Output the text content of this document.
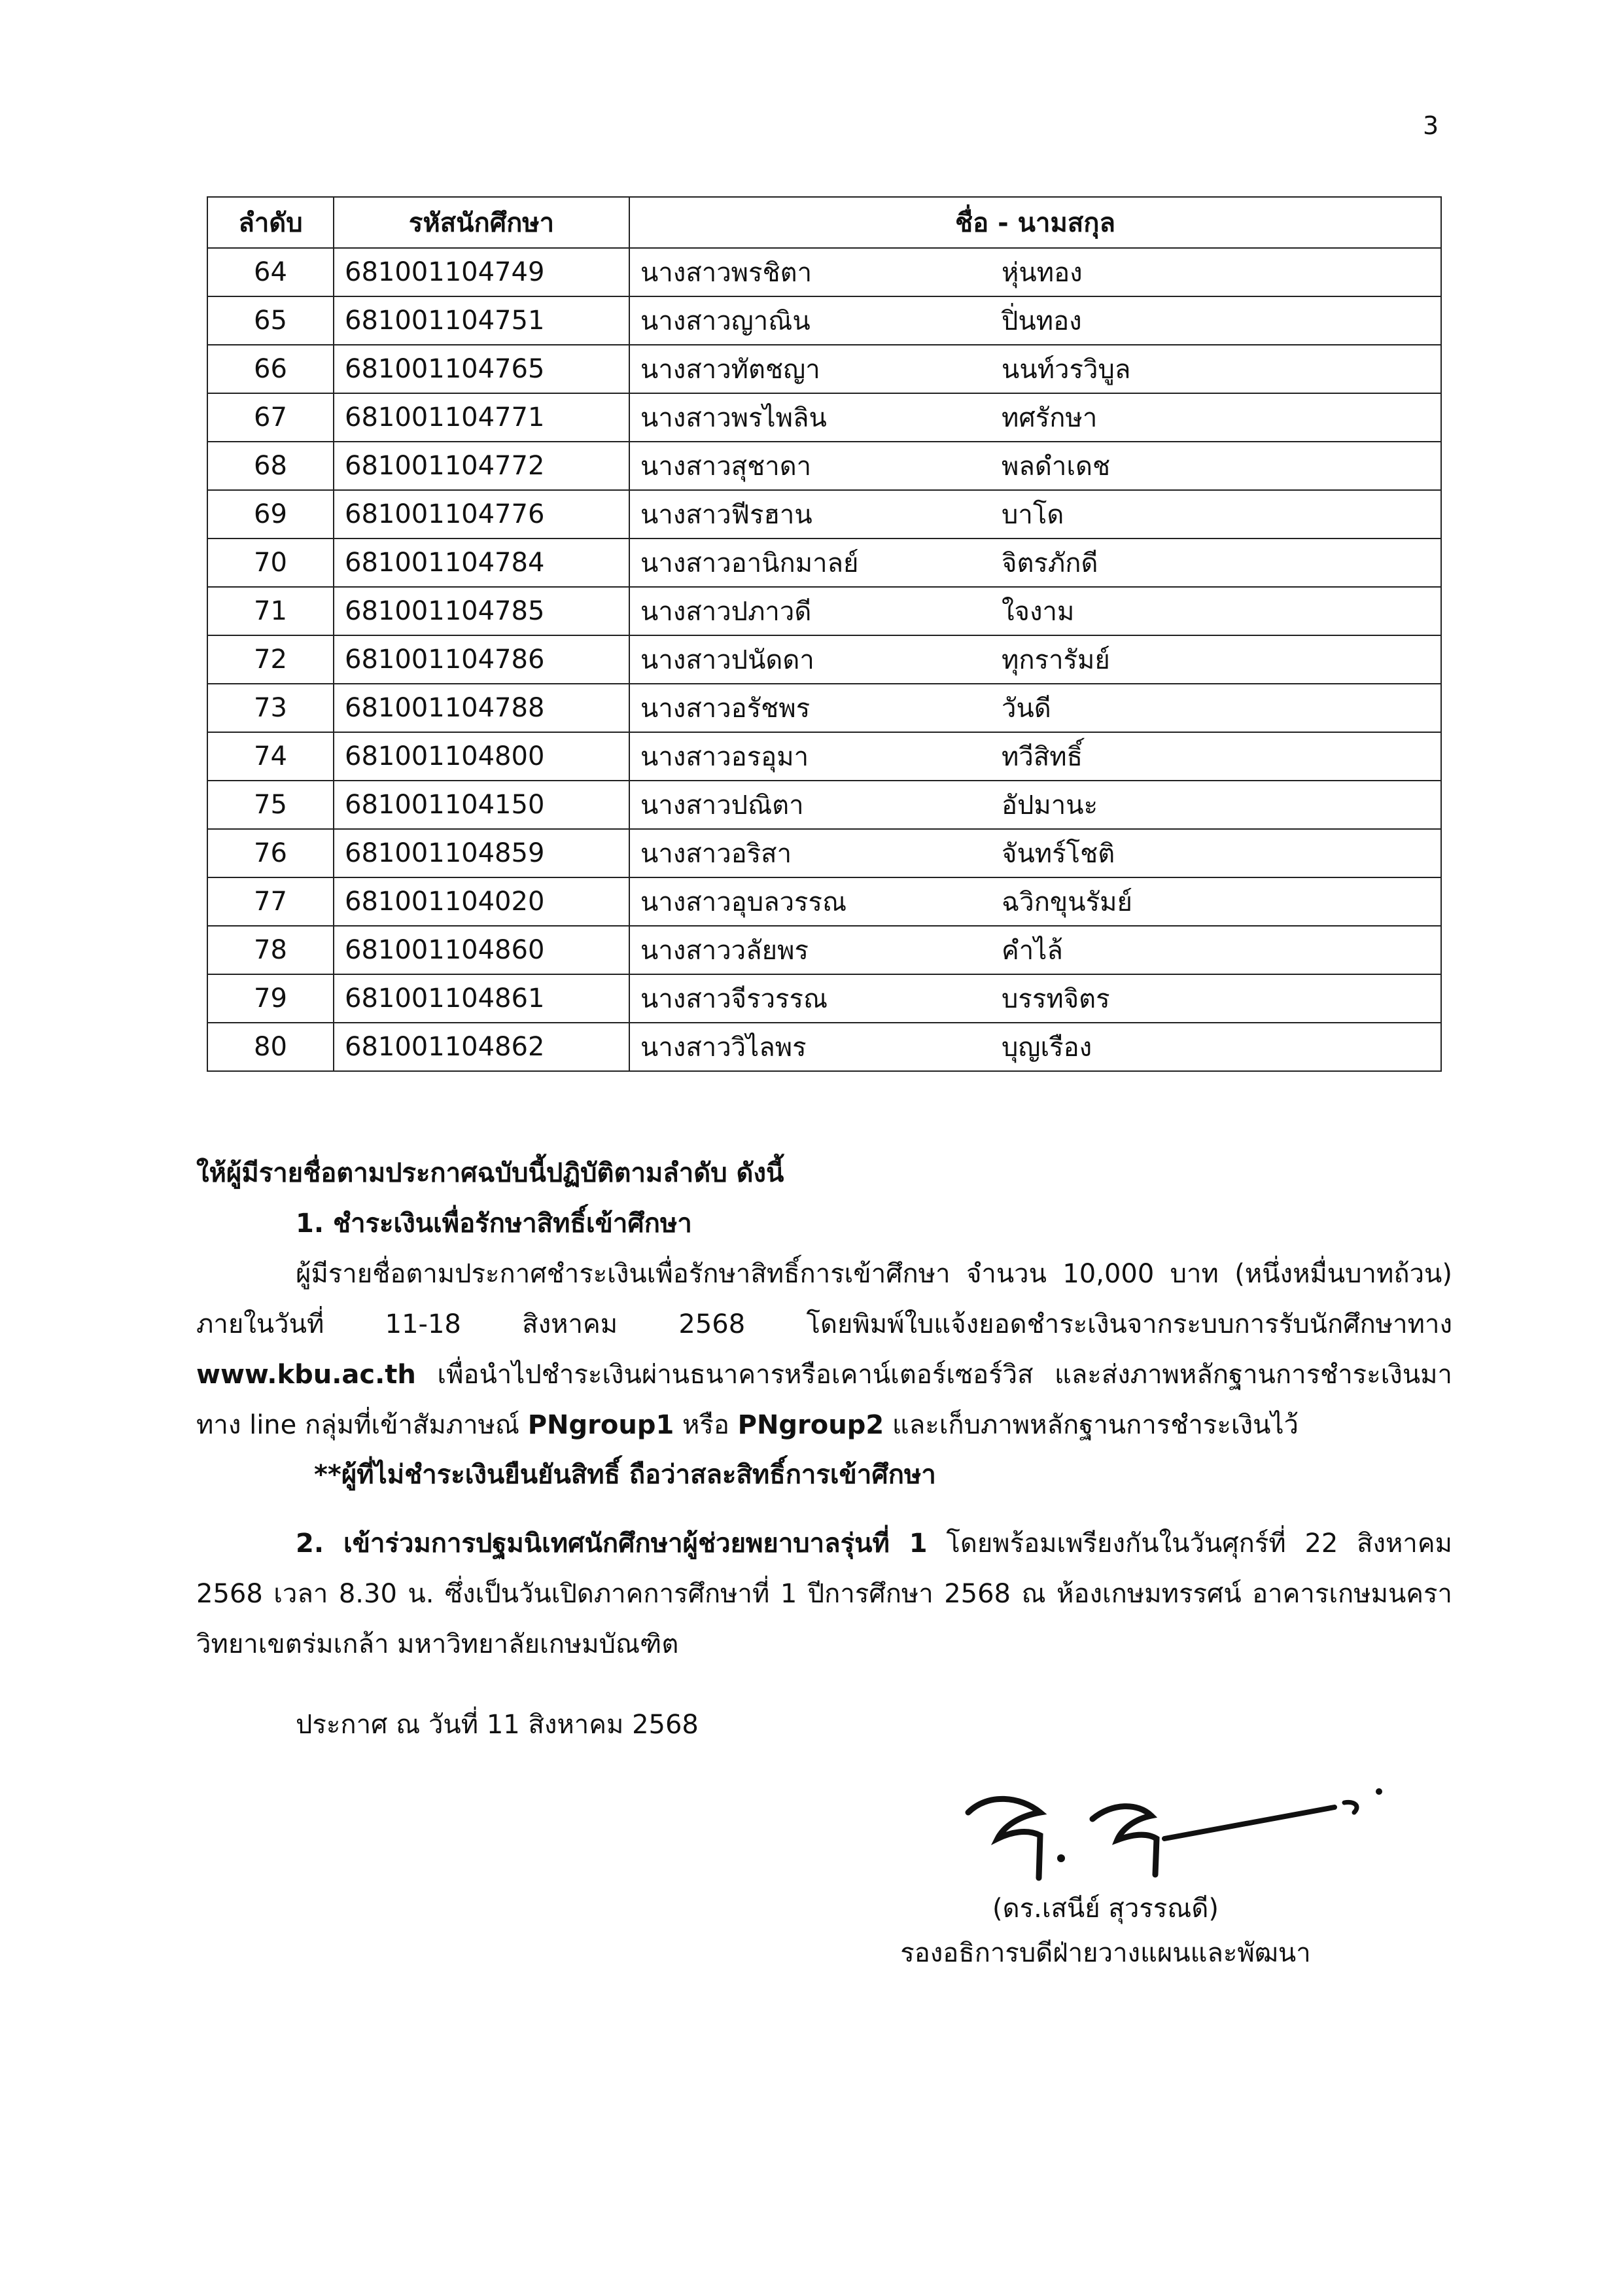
3
ลำดับ	รหัสนักศึกษา	ชื่อ - นามสกุล
64	681001104749	นางสาวพรชิตา หุ่นทอง
65	681001104751	นางสาวญาณิน ปิ่นทอง
66	681001104765	นางสาวทัตชญา นนท์วรวิบูล
67	681001104771	นางสาวพรไพลิน ทศรักษา
68	681001104772	นางสาวสุชาดา พลดำเดช
69	681001104776	นางสาวฟีรฮาน บาโด
70	681001104784	นางสาวอานิกมาลย์ จิตรภักดี
71	681001104785	นางสาวปภาวดี ใจงาม
72	681001104786	นางสาวปนัดดา ทุกรารัมย์
73	681001104788	นางสาวอรัชพร วันดี
74	681001104800	นางสาวอรอุมา ทวีสิทธิ์
75	681001104150	นางสาวปณิตา อัปมานะ
76	681001104859	นางสาวอริสา จันทร์โชติ
77	681001104020	นางสาวอุบลวรรณ ฉวิกขุนรัมย์
78	681001104860	นางสาววลัยพร คำไล้
79	681001104861	นางสาวจีรวรรณ บรรทจิตร
80	681001104862	นางสาววิไลพร บุญเรือง
ให้ผู้มีรายชื่อตามประกาศฉบับนี้ปฏิบัติตามลำดับ ดังนี้
1. ชำระเงินเพื่อรักษาสิทธิ์เข้าศึกษา
ผู้มีรายชื่อตามประกาศชำระเงินเพื่อรักษาสิทธิ์การเข้าศึกษา จำนวน 10,000 บาท (หนึ่งหมื่นบาทถ้วน) ภายในวันที่ 11-18 สิงหาคม 2568 โดยพิมพ์ใบแจ้งยอดชำระเงินจากระบบการรับนักศึกษาทาง www.kbu.ac.th เพื่อนำไปชำระเงินผ่านธนาคารหรือเคาน์เตอร์เซอร์วิส และส่งภาพหลักฐานการชำระเงินมาทาง line กลุ่มที่เข้าสัมภาษณ์ PNgroup1 หรือ PNgroup2 และเก็บภาพหลักฐานการชำระเงินไว้
**ผู้ที่ไม่ชำระเงินยืนยันสิทธิ์ ถือว่าสละสิทธิ์การเข้าศึกษา
2. เข้าร่วมการปฐมนิเทศนักศึกษาผู้ช่วยพยาบาลรุ่นที่ 1 โดยพร้อมเพรียงกันในวันศุกร์ที่ 22 สิงหาคม 2568 เวลา 8.30 น. ซึ่งเป็นวันเปิดภาคการศึกษาที่ 1 ปีการศึกษา 2568 ณ ห้องเกษมทรรศน์ อาคารเกษมนคราวิทยาเขตร่มเกล้า มหาวิทยาลัยเกษมบัณฑิต
ประกาศ ณ วันที่ 11 สิงหาคม 2568
(ดร.เสนีย์ สุวรรณดี)
รองอธิการบดีฝ่ายวางแผนและพัฒนา
